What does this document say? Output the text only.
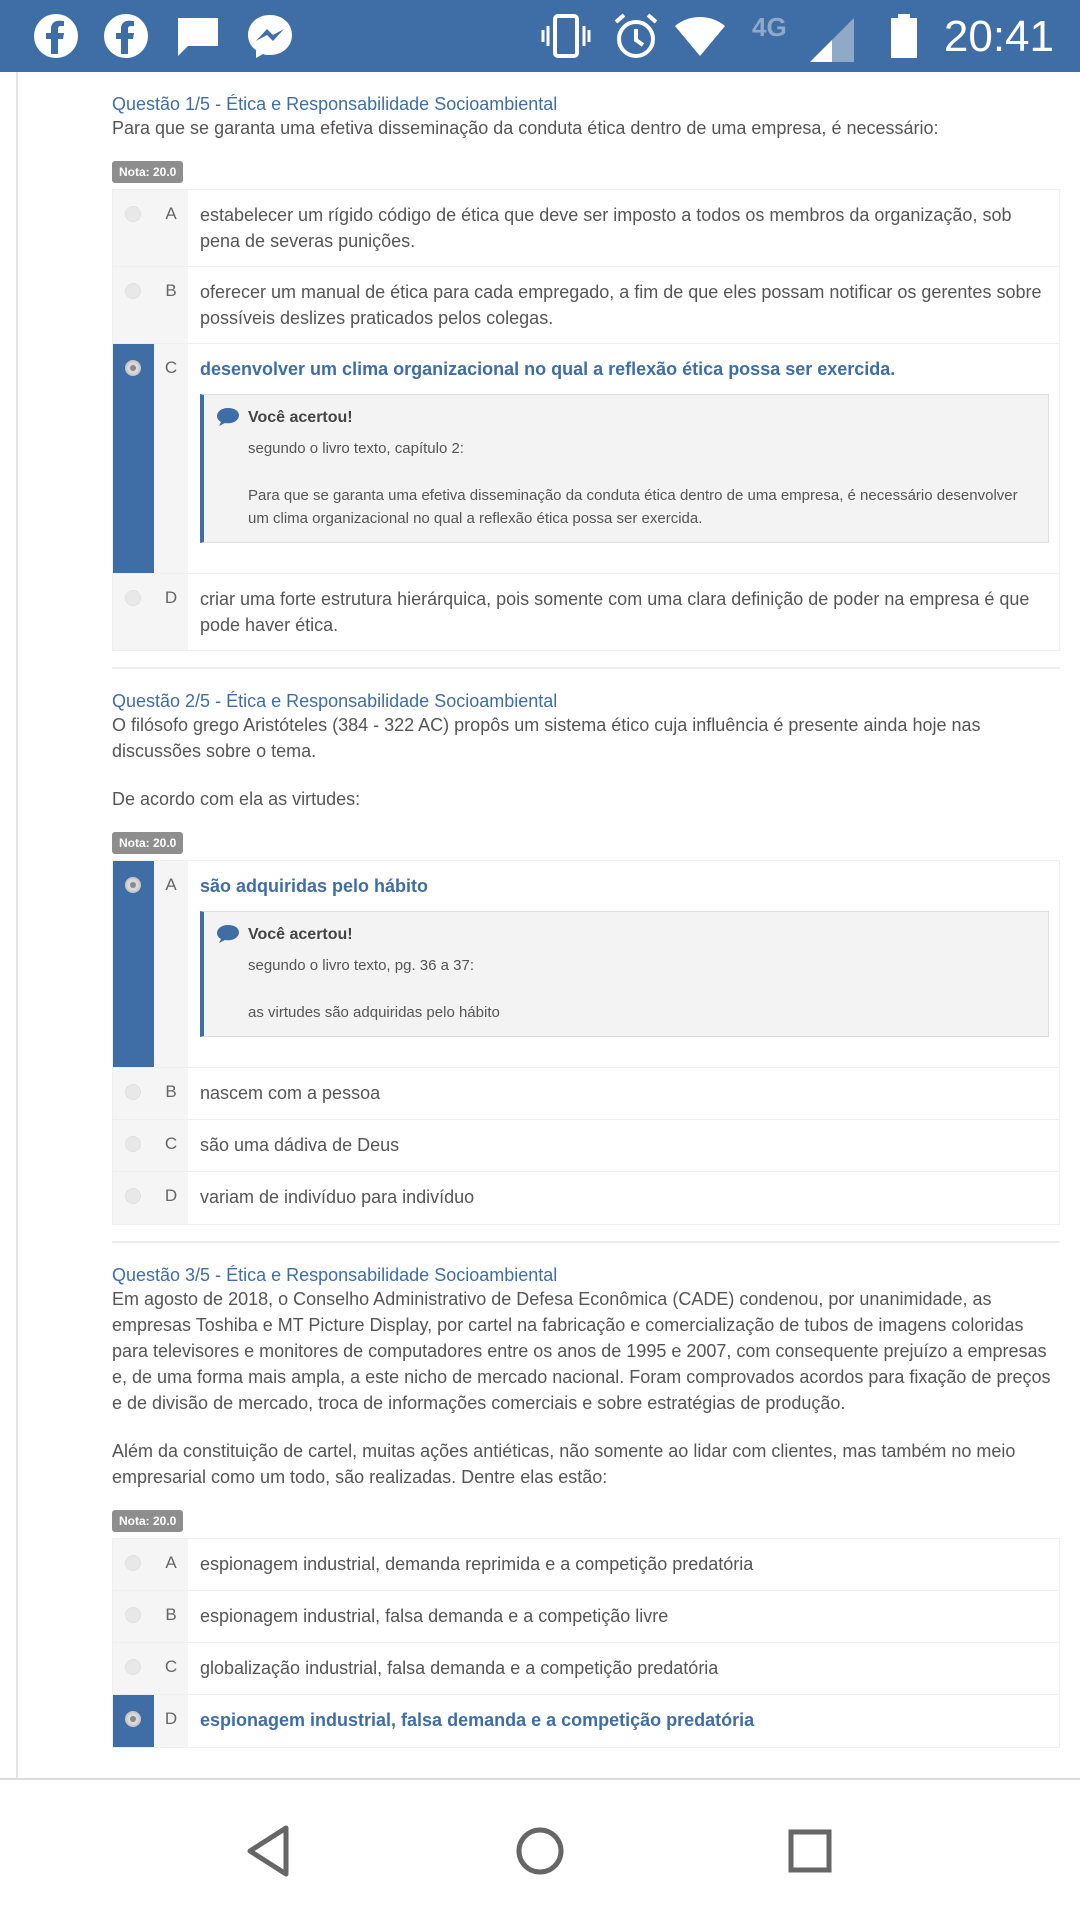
4G	20:41
Questão 1/5 - Ética e Responsabilidade Socioambiental
Para que se garanta uma efetiva disseminação da conduta ética dentro de uma empresa, é necessário:
Nota: 20.0
A	estabelecer um rígido código de ética que deve ser imposto a todos os membros da organização, sob pena de severas punições.
B	oferecer um manual de ética para cada empregado, a fim de que eles possam notificar os gerentes sobre possíveis deslizes praticados pelos colegas.
C	desenvolver um clima organizacional no qual a reflexão ética possa ser exercida.
Você acertou!
segundo o livro texto, capítulo 2:
Para que se garanta uma efetiva disseminação da conduta ética dentro de uma empresa, é necessário desenvolver um clima organizacional no qual a reflexão ética possa ser exercida.
D	criar uma forte estrutura hierárquica, pois somente com uma clara definição de poder na empresa é que pode haver ética.
Questão 2/5 - Ética e Responsabilidade Socioambiental
O filósofo grego Aristóteles (384 - 322 AC) propôs um sistema ético cuja influência é presente ainda hoje nas discussões sobre o tema.
De acordo com ela as virtudes:
Nota: 20.0
A	são adquiridas pelo hábito
Você acertou!
segundo o livro texto, pg. 36 a 37:
as virtudes são adquiridas pelo hábito
B	nascem com a pessoa
C	são uma dádiva de Deus
D	variam de indivíduo para indivíduo
Questão 3/5 - Ética e Responsabilidade Socioambiental
Em agosto de 2018, o Conselho Administrativo de Defesa Econômica (CADE) condenou, por unanimidade, as empresas Toshiba e MT Picture Display, por cartel na fabricação e comercialização de tubos de imagens coloridas para televisores e monitores de computadores entre os anos de 1995 e 2007, com consequente prejuízo a empresas e, de uma forma mais ampla, a este nicho de mercado nacional. Foram comprovados acordos para fixação de preços e de divisão de mercado, troca de informações comerciais e sobre estratégias de produção.
Além da constituição de cartel, muitas ações antiéticas, não somente ao lidar com clientes, mas também no meio empresarial como um todo, são realizadas. Dentre elas estão:
Nota: 20.0
A	espionagem industrial, demanda reprimida e a competição predatória
B	espionagem industrial, falsa demanda e a competição livre
C	globalização industrial, falsa demanda e a competição predatória
D	espionagem industrial, falsa demanda e a competição predatória
